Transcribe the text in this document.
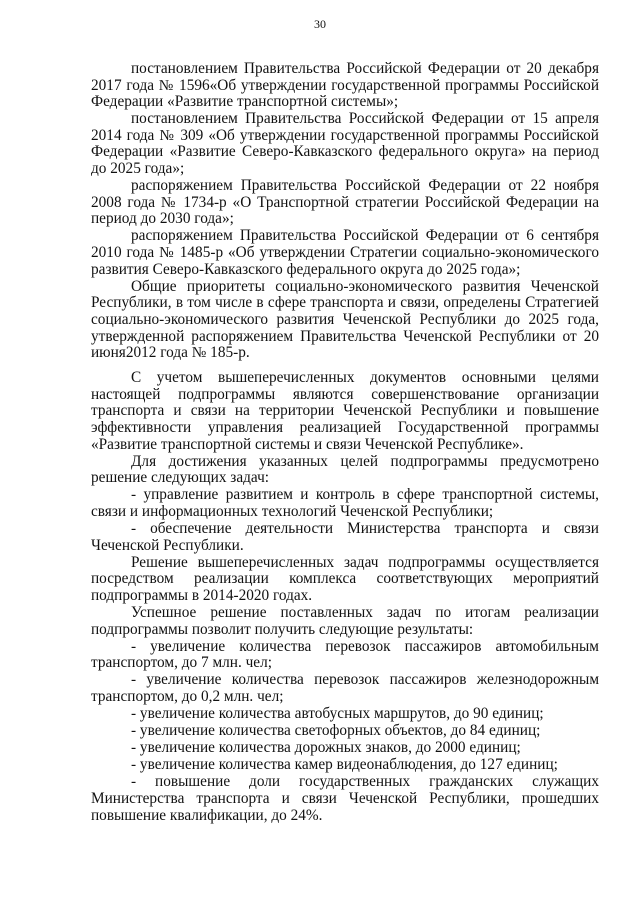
30

постановлением Правительства Российской Федерации от 20 декабря 2017 года № 1596«Об утверждении государственной программы Российской Федерации «Развитие транспортной системы»;

постановлением Правительства Российской Федерации от 15 апреля 2014 года № 309 «Об утверждении государственной программы Российской Федерации «Развитие Северо-Кавказского федерального округа» на период до 2025 года»;

распоряжением Правительства Российской Федерации от 22 ноября 2008 года № 1734-р «О Транспортной стратегии Российской Федерации на период до 2030 года»;

распоряжением Правительства Российской Федерации от 6 сентября 2010 года № 1485-р «Об утверждении Стратегии социально-экономического развития Северо-Кавказского федерального округа до 2025 года»;

Общие приоритеты социально-экономического развития Чеченской Республики, в том числе в сфере транспорта и связи, определены Стратегией социально-экономического развития Чеченской Республики до 2025 года, утвержденной распоряжением Правительства Чеченской Республики от 20 июня2012 года № 185-р.

С учетом вышеперечисленных документов основными целями настоящей подпрограммы являются совершенствование организации транспорта и связи на территории Чеченской Республики и повышение эффективности управления реализацией Государственной программы «Развитие транспортной системы и связи Чеченской Республике».

Для достижения указанных целей подпрограммы предусмотрено решение следующих задач:

- управление развитием и контроль в сфере транспортной системы, связи и информационных технологий Чеченской Республики;

- обеспечение деятельности Министерства транспорта и связи Чеченской Республики.

Решение вышеперечисленных задач подпрограммы осуществляется посредством реализации комплекса соответствующих мероприятий подпрограммы в 2014-2020 годах.

Успешное решение поставленных задач по итогам реализации подпрограммы позволит получить следующие результаты:

- увеличение количества перевозок пассажиров автомобильным транспортом, до 7 млн. чел;

- увеличение количества перевозок пассажиров железнодорожным транспортом, до 0,2 млн. чел;

- увеличение количества автобусных маршрутов, до 90 единиц;

- увеличение количества светофорных объектов, до 84 единиц;

- увеличение количества дорожных знаков, до 2000 единиц;

- увеличение количества камер видеонаблюдения, до 127 единиц;

- повышение доли государственных гражданских служащих Министерства транспорта и связи Чеченской Республики, прошедших повышение квалификации, до 24%.
